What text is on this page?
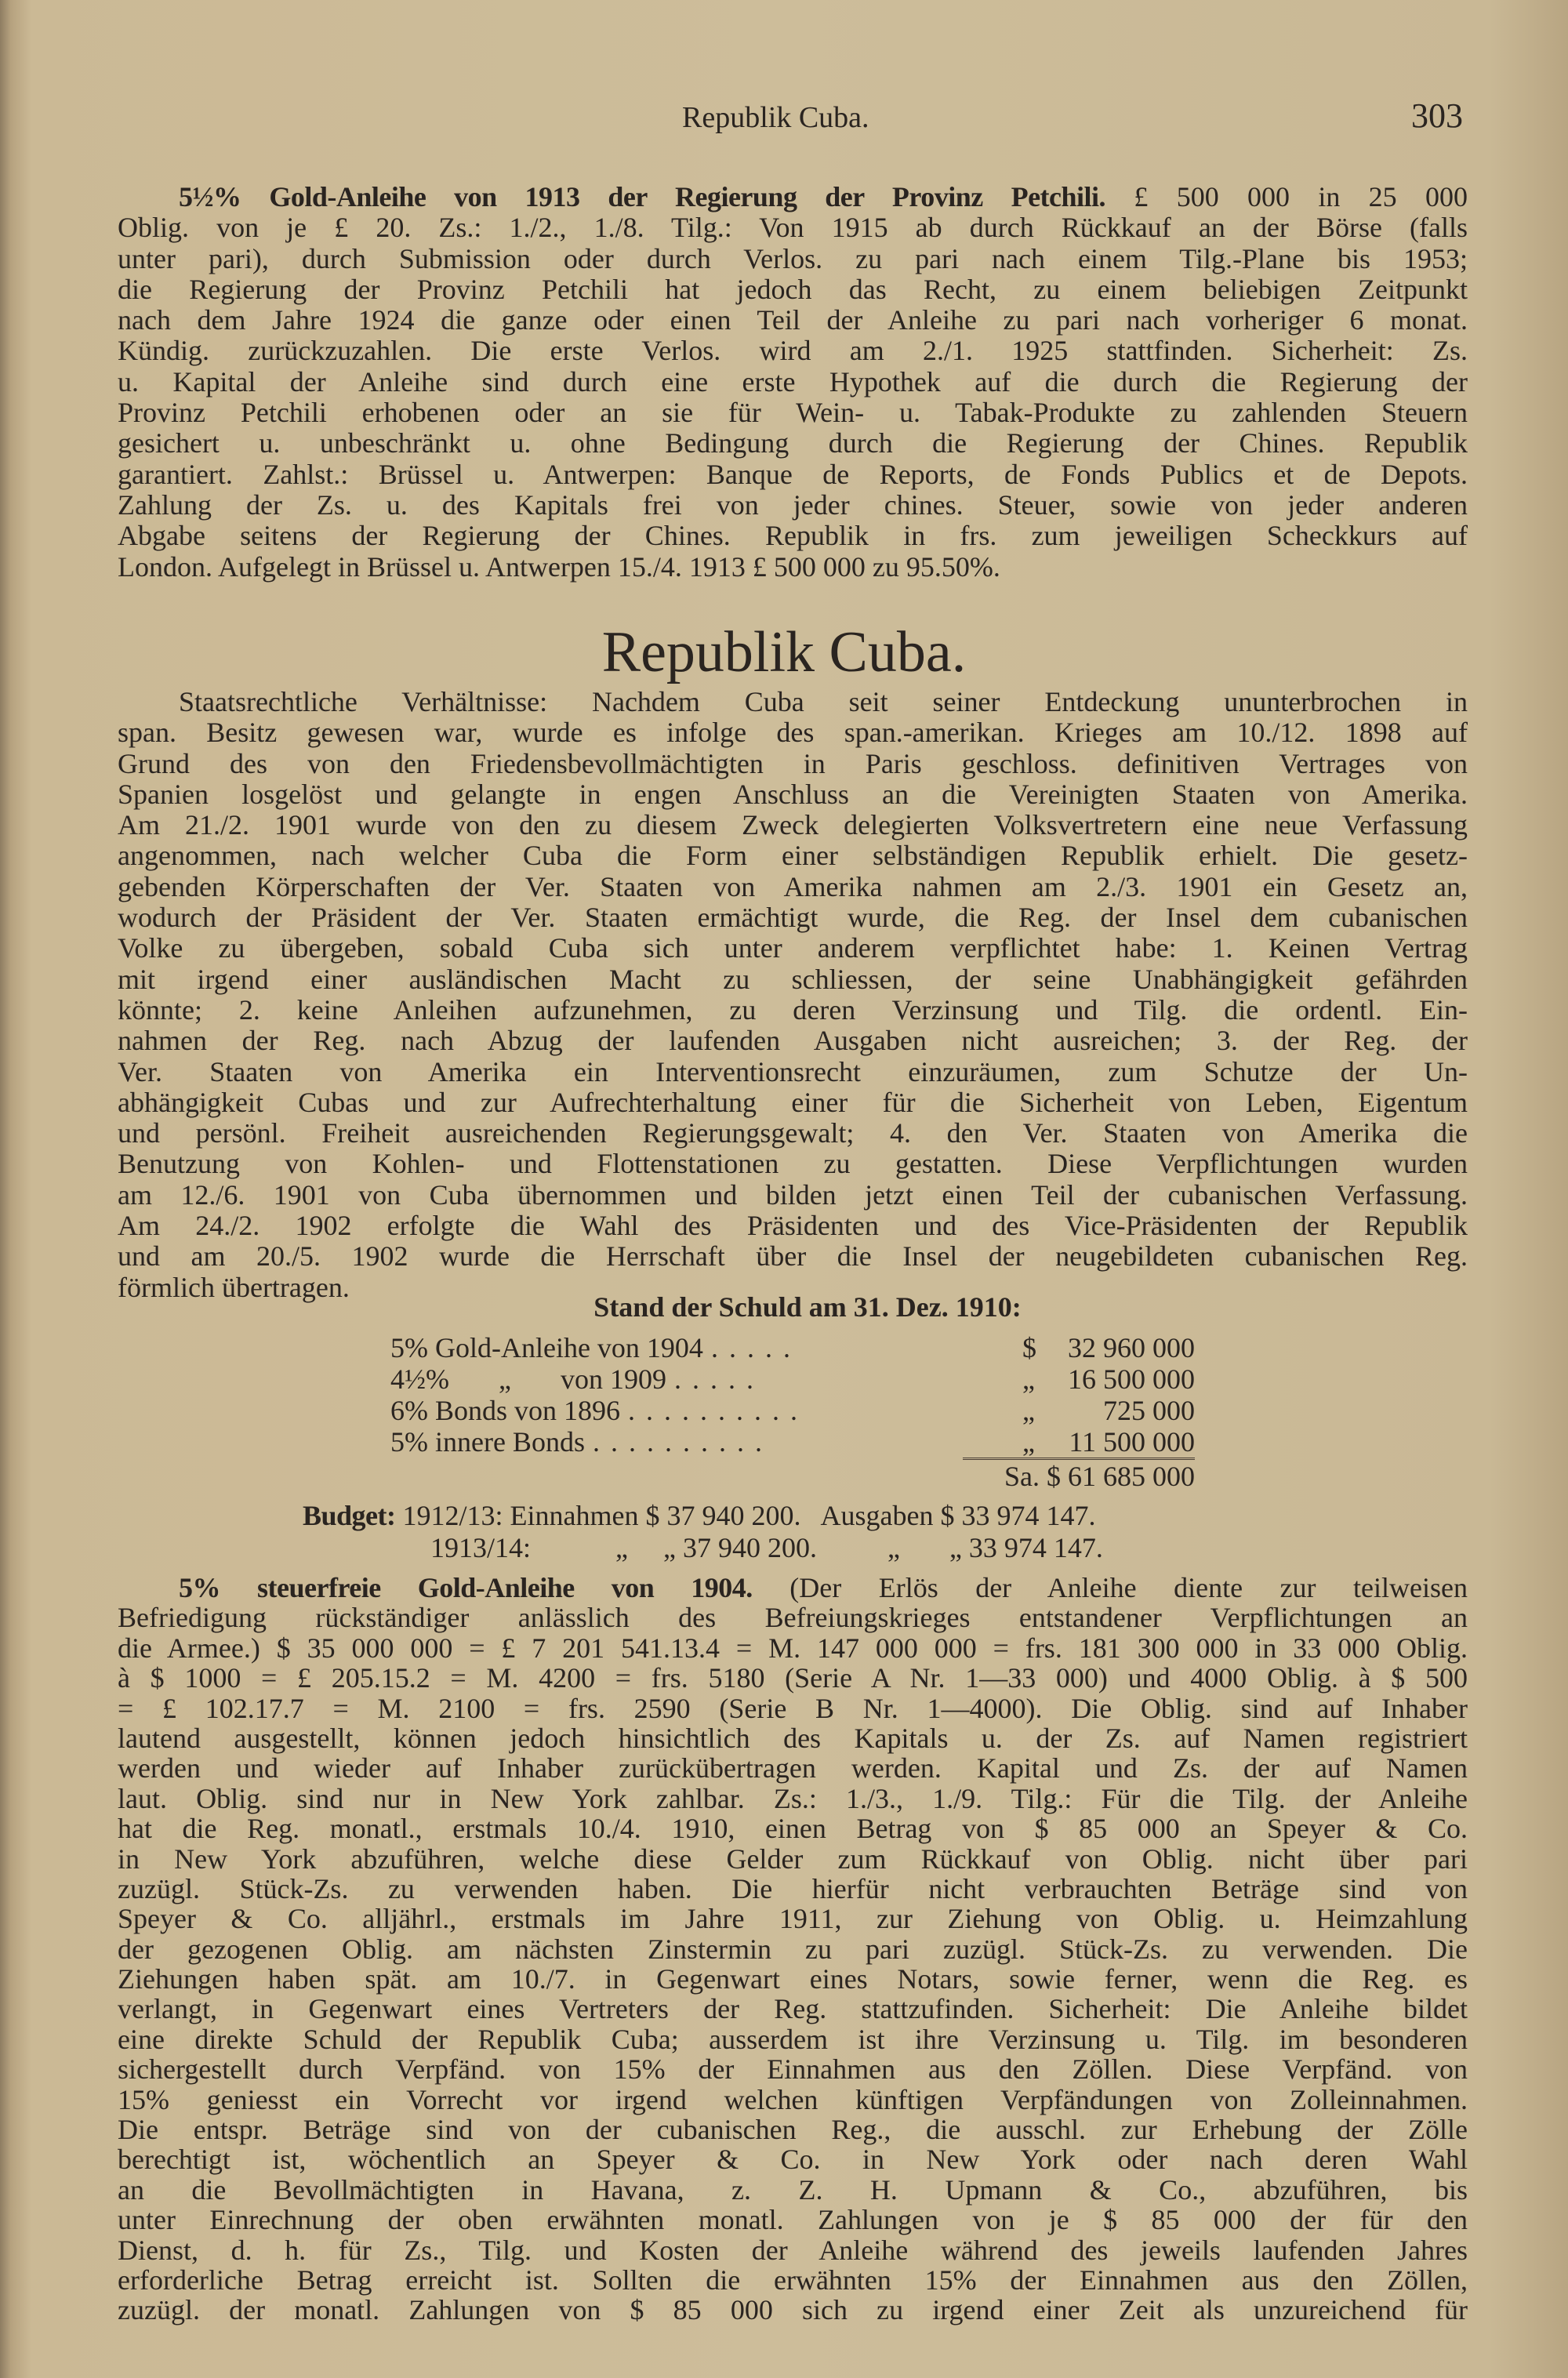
Republik Cuba.	303
5½% Gold-Anleihe von 1913 der Regierung der Provinz Petchili. £ 500 000 in 25 000
Oblig. von je £ 20. Zs.: 1./2., 1./8. Tilg.: Von 1915 ab durch Rückkauf an der Börse (falls
unter pari), durch Submission oder durch Verlos. zu pari nach einem Tilg.-Plane bis 1953;
die Regierung der Provinz Petchili hat jedoch das Recht, zu einem beliebigen Zeitpunkt
nach dem Jahre 1924 die ganze oder einen Teil der Anleihe zu pari nach vorheriger 6 monat.
Kündig. zurückzuzahlen. Die erste Verlos. wird am 2./1. 1925 stattfinden. Sicherheit: Zs.
u. Kapital der Anleihe sind durch eine erste Hypothek auf die durch die Regierung der
Provinz Petchili erhobenen oder an sie für Wein- u. Tabak-Produkte zu zahlenden Steuern
gesichert u. unbeschränkt u. ohne Bedingung durch die Regierung der Chines. Republik
garantiert. Zahlst.: Brüssel u. Antwerpen: Banque de Reports, de Fonds Publics et de Depots.
Zahlung der Zs. u. des Kapitals frei von jeder chines. Steuer, sowie von jeder anderen
Abgabe seitens der Regierung der Chines. Republik in frs. zum jeweiligen Scheckkurs auf
London. Aufgelegt in Brüssel u. Antwerpen 15./4. 1913 £ 500 000 zu 95.50%.
Republik Cuba.
Staatsrechtliche Verhältnisse: Nachdem Cuba seit seiner Entdeckung ununterbrochen in
span. Besitz gewesen war, wurde es infolge des span.-amerikan. Krieges am 10./12. 1898 auf
Grund des von den Friedensbevollmächtigten in Paris geschloss. definitiven Vertrages von
Spanien losgelöst und gelangte in engen Anschluss an die Vereinigten Staaten von Amerika.
Am 21./2. 1901 wurde von den zu diesem Zweck delegierten Volksvertretern eine neue Verfassung
angenommen, nach welcher Cuba die Form einer selbständigen Republik erhielt. Die gesetz-
gebenden Körperschaften der Ver. Staaten von Amerika nahmen am 2./3. 1901 ein Gesetz an,
wodurch der Präsident der Ver. Staaten ermächtigt wurde, die Reg. der Insel dem cubanischen
Volke zu übergeben, sobald Cuba sich unter anderem verpflichtet habe: 1. Keinen Vertrag
mit irgend einer ausländischen Macht zu schliessen, der seine Unabhängigkeit gefährden
könnte; 2. keine Anleihen aufzunehmen, zu deren Verzinsung und Tilg. die ordentl. Ein-
nahmen der Reg. nach Abzug der laufenden Ausgaben nicht ausreichen; 3. der Reg. der
Ver. Staaten von Amerika ein Interventionsrecht einzuräumen, zum Schutze der Un-
abhängigkeit Cubas und zur Aufrechterhaltung einer für die Sicherheit von Leben, Eigentum
und persönl. Freiheit ausreichenden Regierungsgewalt; 4. den Ver. Staaten von Amerika die
Benutzung von Kohlen- und Flottenstationen zu gestatten. Diese Verpflichtungen wurden
am 12./6. 1901 von Cuba übernommen und bilden jetzt einen Teil der cubanischen Verfassung.
Am 24./2. 1902 erfolgte die Wahl des Präsidenten und des Vice-Präsidenten der Republik
und am 20./5. 1902 wurde die Herrschaft über die Insel der neugebildeten cubanischen Reg.
förmlich übertragen.
Stand der Schuld am 31. Dez. 1910:
5% Gold-Anleihe von 1904 .....	$	32 960 000
4½%       „       von 1909 .....	„	16 500 000
6% Bonds von 1896 ..........	„	725 000
5% innere Bonds ..........	„	11 500 000
Sa. $ 61 685 000
Budget: 1912/13: Einnahmen $ 37 940 200.   Ausgaben $ 33 974 147.
1913/14:            „     „ 37 940 200.          „       „ 33 974 147.
5% steuerfreie Gold-Anleihe von 1904. (Der Erlös der Anleihe diente zur teilweisen
Befriedigung rückständiger anlässlich des Befreiungskrieges entstandener Verpflichtungen an
die Armee.) $ 35 000 000 = £ 7 201 541.13.4 = M. 147 000 000 = frs. 181 300 000 in 33 000 Oblig.
à $ 1000 = £ 205.15.2 = M. 4200 = frs. 5180 (Serie A Nr. 1—33 000) und 4000 Oblig. à $ 500
= £ 102.17.7 = M. 2100 = frs. 2590 (Serie B Nr. 1—4000). Die Oblig. sind auf Inhaber
lautend ausgestellt, können jedoch hinsichtlich des Kapitals u. der Zs. auf Namen registriert
werden und wieder auf Inhaber zurückübertragen werden. Kapital und Zs. der auf Namen
laut. Oblig. sind nur in New York zahlbar. Zs.: 1./3., 1./9. Tilg.: Für die Tilg. der Anleihe
hat die Reg. monatl., erstmals 10./4. 1910, einen Betrag von $ 85 000 an Speyer & Co.
in New York abzuführen, welche diese Gelder zum Rückkauf von Oblig. nicht über pari
zuzügl. Stück-Zs. zu verwenden haben. Die hierfür nicht verbrauchten Beträge sind von
Speyer & Co. alljährl., erstmals im Jahre 1911, zur Ziehung von Oblig. u. Heimzahlung
der gezogenen Oblig. am nächsten Zinstermin zu pari zuzügl. Stück-Zs. zu verwenden. Die
Ziehungen haben spät. am 10./7. in Gegenwart eines Notars, sowie ferner, wenn die Reg. es
verlangt, in Gegenwart eines Vertreters der Reg. stattzufinden. Sicherheit: Die Anleihe bildet
eine direkte Schuld der Republik Cuba; ausserdem ist ihre Verzinsung u. Tilg. im besonderen
sichergestellt durch Verpfänd. von 15% der Einnahmen aus den Zöllen. Diese Verpfänd. von
15% geniesst ein Vorrecht vor irgend welchen künftigen Verpfändungen von Zolleinnahmen.
Die entspr. Beträge sind von der cubanischen Reg., die ausschl. zur Erhebung der Zölle
berechtigt ist, wöchentlich an Speyer & Co. in New York oder nach deren Wahl
an die Bevollmächtigten in Havana, z. Z. H. Upmann & Co., abzuführen, bis
unter Einrechnung der oben erwähnten monatl. Zahlungen von je $ 85 000 der für den
Dienst, d. h. für Zs., Tilg. und Kosten der Anleihe während des jeweils laufenden Jahres
erforderliche Betrag erreicht ist. Sollten die erwähnten 15% der Einnahmen aus den Zöllen,
zuzügl. der monatl. Zahlungen von $ 85 000 sich zu irgend einer Zeit als unzureichend für
